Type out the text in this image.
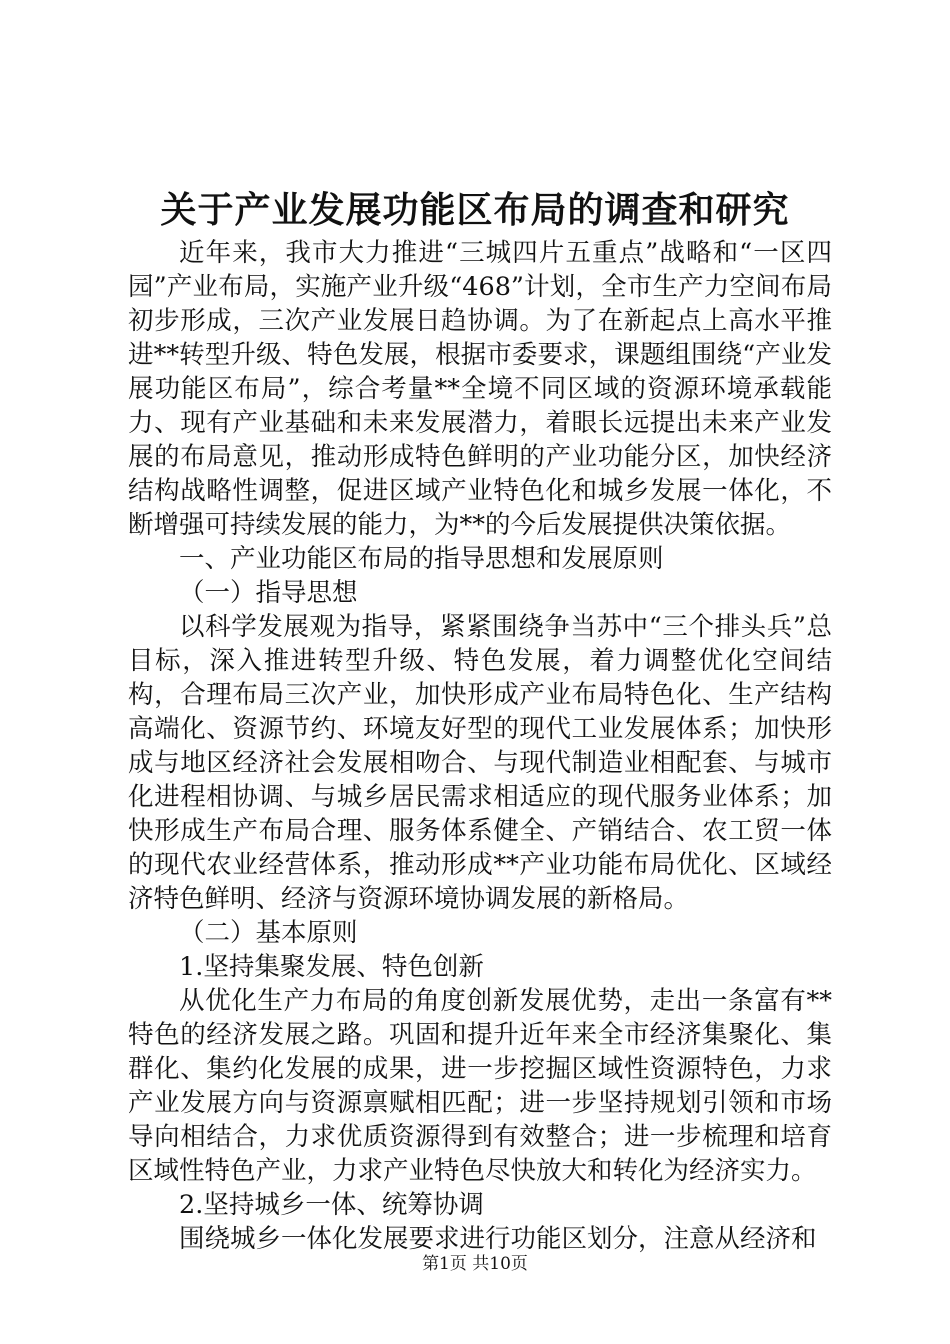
关于产业发展功能区布局的调查和研究

近年来，我市大力推进“三城四片五重点”战略和“一区四园”产业布局，实施产业升级“468”计划，全市生产力空间布局初步形成，三次产业发展日趋协调。为了在新起点上高水平推进**转型升级、特色发展，根据市委要求，课题组围绕“产业发展功能区布局”，综合考量**全境不同区域的资源环境承载能力、现有产业基础和未来发展潜力，着眼长远提出未来产业发展的布局意见，推动形成特色鲜明的产业功能分区，加快经济结构战略性调整，促进区域产业特色化和城乡发展一体化，不断增强可持续发展的能力，为**的今后发展提供决策依据。

一、产业功能区布局的指导思想和发展原则

（一）指导思想

以科学发展观为指导，紧紧围绕争当苏中“三个排头兵”总目标，深入推进转型升级、特色发展，着力调整优化空间结构，合理布局三次产业，加快形成产业布局特色化、生产结构高端化、资源节约、环境友好型的现代工业发展体系；加快形成与地区经济社会发展相吻合、与现代制造业相配套、与城市化进程相协调、与城乡居民需求相适应的现代服务业体系；加快形成生产布局合理、服务体系健全、产销结合、农工贸一体的现代农业经营体系，推动形成**产业功能布局优化、区域经济特色鲜明、经济与资源环境协调发展的新格局。

（二）基本原则

1.坚持集聚发展、特色创新

从优化生产力布局的角度创新发展优势，走出一条富有**特色的经济发展之路。巩固和提升近年来全市经济集聚化、集群化、集约化发展的成果，进一步挖掘区域性资源特色，力求产业发展方向与资源禀赋相匹配；进一步坚持规划引领和市场导向相结合，力求优质资源得到有效整合；进一步梳理和培育区域性特色产业，力求产业特色尽快放大和转化为经济实力。

2.坚持城乡一体、统筹协调

围绕城乡一体化发展要求进行功能区划分，注意从经济和

第1页 共10页
